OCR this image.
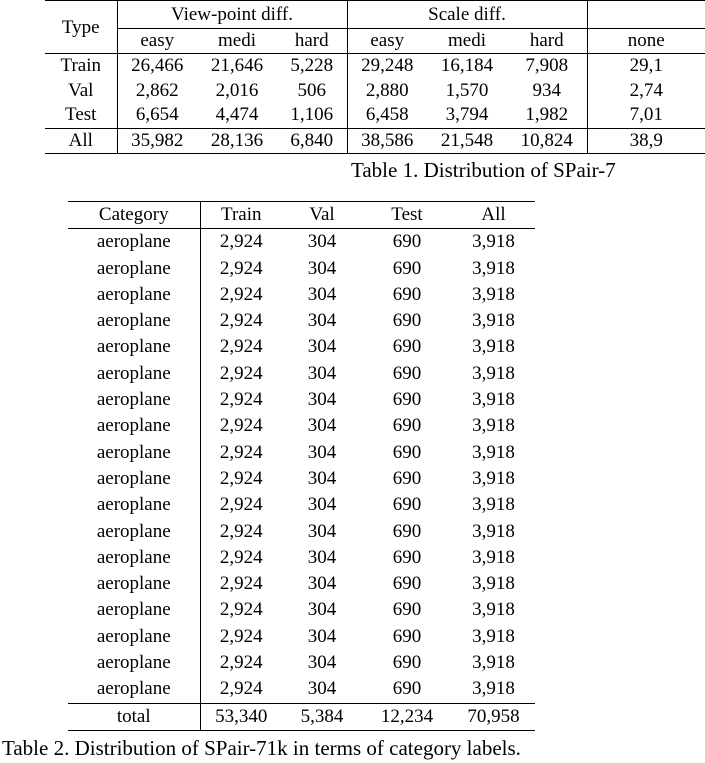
Type	View-point diff.			Scale diff.			
	easy	medi	hard	easy	medi	hard	none
Train	26,466	21,646	5,228	29,248	16,184	7,908	29,1
Val	2,862	2,016	506	2,880	1,570	934	2,74
Test	6,654	4,474	1,106	6,458	3,794	1,982	7,01
All	35,982	28,136	6,840	38,586	21,548	10,824	38,9
Table 1. Distribution of SPair-7
Category	Train	Val	Test	All
aeroplane	2,924	304	690	3,918
aeroplane	2,924	304	690	3,918
aeroplane	2,924	304	690	3,918
aeroplane	2,924	304	690	3,918
aeroplane	2,924	304	690	3,918
aeroplane	2,924	304	690	3,918
aeroplane	2,924	304	690	3,918
aeroplane	2,924	304	690	3,918
aeroplane	2,924	304	690	3,918
aeroplane	2,924	304	690	3,918
aeroplane	2,924	304	690	3,918
aeroplane	2,924	304	690	3,918
aeroplane	2,924	304	690	3,918
aeroplane	2,924	304	690	3,918
aeroplane	2,924	304	690	3,918
aeroplane	2,924	304	690	3,918
aeroplane	2,924	304	690	3,918
aeroplane	2,924	304	690	3,918
total	53,340	5,384	12,234	70,958
Table 2. Distribution of SPair-71k in terms of category labels.
